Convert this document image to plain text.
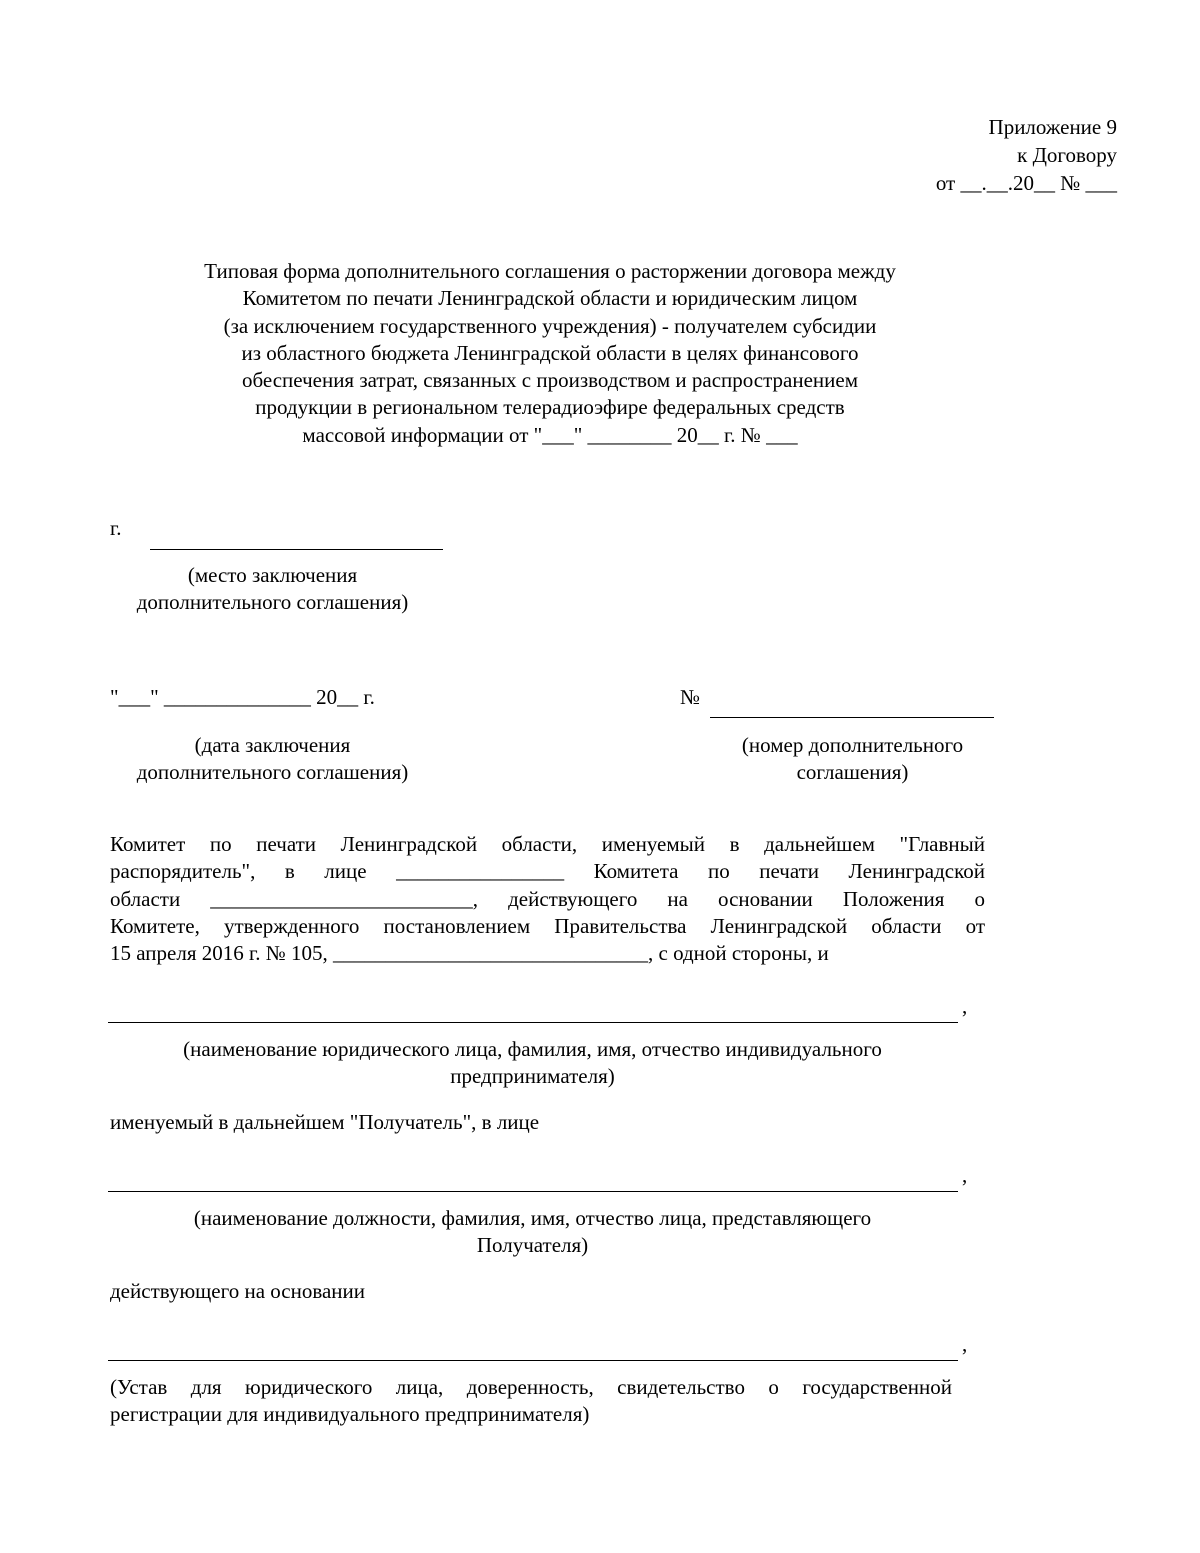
Приложение 9
к Договору
от __.__.20__ № ___
Типовая форма дополнительного соглашения о расторжении договора между
Комитетом по печати Ленинградской области и юридическим лицом
(за исключением государственного учреждения) - получателем субсидии
из областного бюджета Ленинградской области в целях финансового
обеспечения затрат, связанных с производством и распространением
продукции в региональном телерадиоэфире федеральных средств
массовой информации от "___" ________ 20__ г. № ___
г.
(место заключения
дополнительного соглашения)
"___" ______________ 20__ г.
(дата заключения
дополнительного соглашения)
№
(номер дополнительного
соглашения)
Комитет по печати Ленинградской области, именуемый в дальнейшем "Главный
распорядитель", в лице ________________ Комитета по печати Ленинградской
области _________________________, действующего на основании Положения о
Комитете, утвержденного постановлением Правительства Ленинградской области от
15 апреля 2016 г. № 105, ______________________________, с одной стороны, и
,
(наименование юридического лица, фамилия, имя, отчество индивидуального
предпринимателя)
именуемый в дальнейшем "Получатель", в лице
,
(наименование должности, фамилия, имя, отчество лица, представляющего
Получателя)
действующего на основании
,
(Устав для юридического лица, доверенность, свидетельство о государственной
регистрации для индивидуального предпринимателя)
